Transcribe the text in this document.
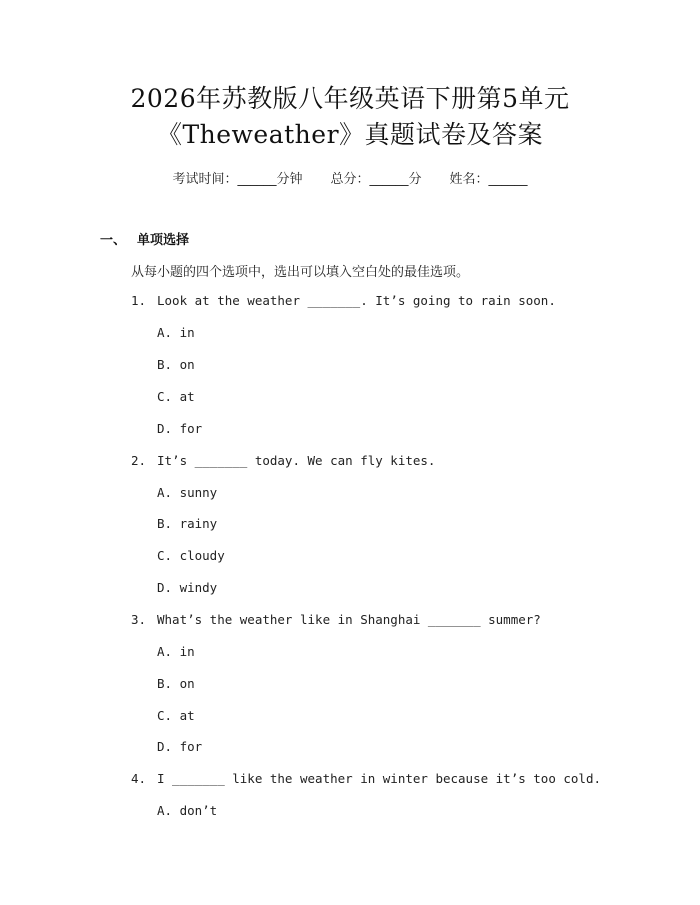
2026年苏教版八年级英语下册第5单元
《Theweather》真题试卷及答案
考试时间：______分钟 总分：______分 姓名：______
一、 单项选择
从每小题的四个选项中，选出可以填入空白处的最佳选项。
1. Look at the weather _______. It’s going to rain soon.
A. in
B. on
C. at
D. for
2. It’s _______ today. We can fly kites.
A. sunny
B. rainy
C. cloudy
D. windy
3. What’s the weather like in Shanghai _______ summer?
A. in
B. on
C. at
D. for
4. I _______ like the weather in winter because it’s too cold.
A. don’t
